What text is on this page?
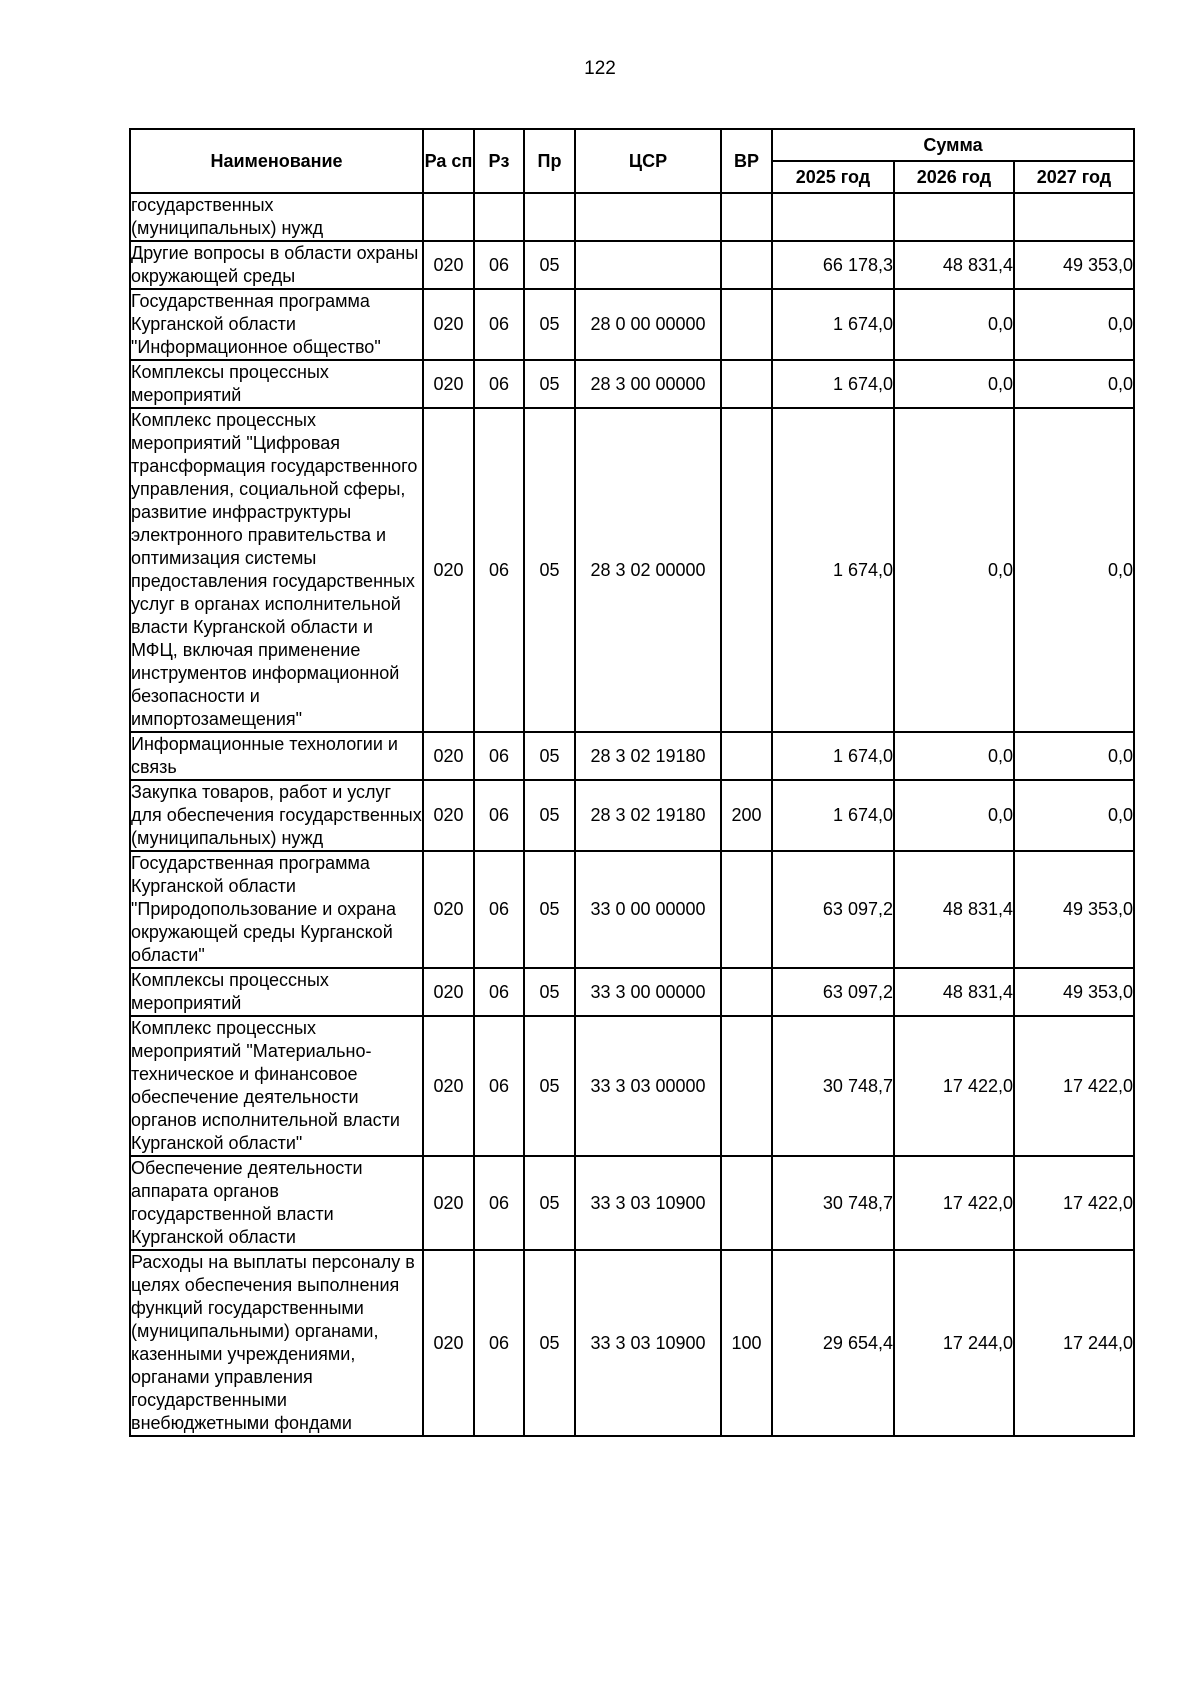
122
Наименование	Ра сп	Рз	Пр	ЦСР	ВР	Сумма		
						2025 год	2026 год	2027 год
государственных (муниципальных) нужд								
Другие вопросы в области охраны окружающей среды	020	06	05			66 178,3	48 831,4	49 353,0
Государственная программа Курганской области "Информационное общество"	020	06	05	28 0 00 00000		1 674,0	0,0	0,0
Комплексы процессных мероприятий	020	06	05	28 3 00 00000		1 674,0	0,0	0,0
Комплекс процессных мероприятий "Цифровая трансформация государственного управления, социальной сферы, развитие инфраструктуры электронного правительства и оптимизация системы предоставления государственных услуг в органах исполнительной власти Курганской области и МФЦ, включая применение инструментов информационной безопасности и импортозамещения"	020	06	05	28 3 02 00000		1 674,0	0,0	0,0
Информационные технологии и связь	020	06	05	28 3 02 19180		1 674,0	0,0	0,0
Закупка товаров, работ и услуг для обеспечения государственных (муниципальных) нужд	020	06	05	28 3 02 19180	200	1 674,0	0,0	0,0
Государственная программа Курганской области "Природопользование и охрана окружающей среды Курганской области"	020	06	05	33 0 00 00000		63 097,2	48 831,4	49 353,0
Комплексы процессных мероприятий	020	06	05	33 3 00 00000		63 097,2	48 831,4	49 353,0
Комплекс процессных мероприятий "Материально-техническое и финансовое обеспечение деятельности органов исполнительной власти Курганской области"	020	06	05	33 3 03 00000		30 748,7	17 422,0	17 422,0
Обеспечение деятельности аппарата органов государственной власти Курганской области	020	06	05	33 3 03 10900		30 748,7	17 422,0	17 422,0
Расходы на выплаты персоналу в целях обеспечения выполнения функций государственными (муниципальными) органами, казенными учреждениями, органами управления государственными внебюджетными фондами	020	06	05	33 3 03 10900	100	29 654,4	17 244,0	17 244,0
